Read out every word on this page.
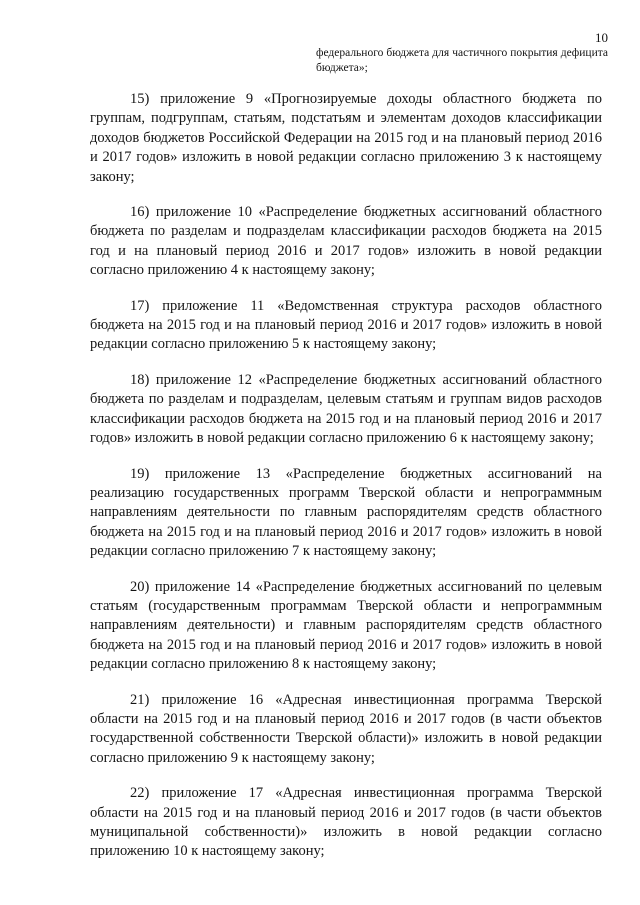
10
федерального бюджета для частичного покрытия дефицита бюджета»;

15) приложение 9 «Прогнозируемые доходы областного бюджета по группам, подгруппам, статьям, подстатьям и элементам доходов классификации доходов бюджетов Российской Федерации на 2015 год и на плановый период 2016 и 2017 годов» изложить в новой редакции согласно приложению 3 к настоящему закону;

16) приложение 10 «Распределение бюджетных ассигнований областного бюджета по разделам и подразделам классификации расходов бюджета на 2015 год и на плановый период 2016 и 2017 годов» изложить в новой редакции согласно приложению 4 к настоящему закону;

17) приложение 11 «Ведомственная структура расходов областного бюджета на 2015 год и на плановый период 2016 и 2017 годов» изложить в новой редакции согласно приложению 5 к настоящему закону;

18) приложение 12 «Распределение бюджетных ассигнований областного бюджета по разделам и подразделам, целевым статьям и группам видов расходов классификации расходов бюджета на 2015 год и на плановый период 2016 и 2017 годов» изложить в новой редакции согласно приложению 6 к настоящему закону;

19) приложение 13 «Распределение бюджетных ассигнований на реализацию государственных программ Тверской области и непрограммным направлениям деятельности по главным распорядителям средств областного бюджета на 2015 год и на плановый период 2016 и 2017 годов» изложить в новой редакции согласно приложению 7 к настоящему закону;

20) приложение 14 «Распределение бюджетных ассигнований по целевым статьям (государственным программам Тверской области и непрограммным направлениям деятельности) и главным распорядителям средств областного бюджета на 2015 год и на плановый период 2016 и 2017 годов» изложить в новой редакции согласно приложению 8 к настоящему закону;

21) приложение 16 «Адресная инвестиционная программа Тверской области на 2015 год и на плановый период 2016 и 2017 годов (в части объектов государственной собственности Тверской области)» изложить в новой редакции согласно приложению 9 к настоящему закону;

22) приложение 17 «Адресная инвестиционная программа Тверской области на 2015 год и на плановый период 2016 и 2017 годов (в части объектов муниципальной собственности)» изложить в новой редакции согласно приложению 10 к настоящему закону;
